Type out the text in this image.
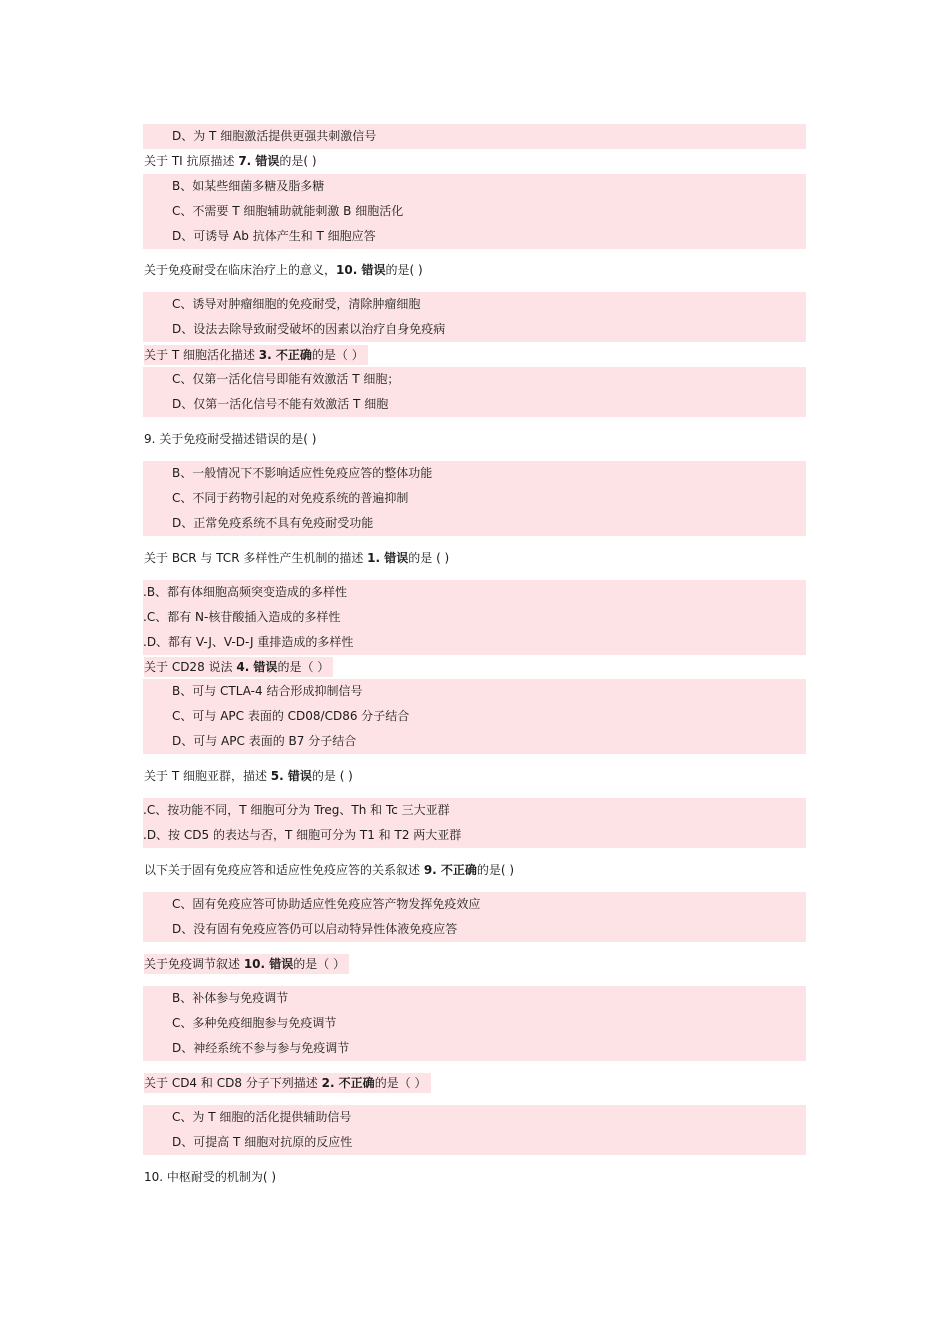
D、为 T 细胞激活提供更强共刺激信号
关于 TI 抗原描述 7. 错误的是( )
B、如某些细菌多糖及脂多糖
C、不需要 T 细胞辅助就能刺激 B 细胞活化
D、可诱导 Ab 抗体产生和 T 细胞应答
关于免疫耐受在临床治疗上的意义，10. 错误的是( )
C、诱导对肿瘤细胞的免疫耐受，清除肿瘤细胞
D、设法去除导致耐受破坏的因素以治疗自身免疫病
关于 T 细胞活化描述 3. 不正确的是（ ）
C、仅第一活化信号即能有效激活 T 细胞；
D、仅第一活化信号不能有效激活 T 细胞
9. 关于免疫耐受描述错误的是( )
B、一般情况下不影响适应性免疫应答的整体功能
C、不同于药物引起的对免疫系统的普遍抑制
D、正常免疫系统不具有免疫耐受功能
关于 BCR 与 TCR 多样性产生机制的描述 1. 错误的是 ( )
.B、都有体细胞高频突变造成的多样性
.C、都有 N-核苷酸插入造成的多样性
.D、都有 V-J、V-D-J 重排造成的多样性
关于 CD28 说法 4. 错误的是（ ）
B、可与 CTLA-4 结合形成抑制信号
C、可与 APC 表面的 CD08/CD86 分子结合
D、可与 APC 表面的 B7 分子结合
关于 T 细胞亚群，描述 5. 错误的是 ( )
.C、按功能不同，T 细胞可分为 Treg、Th 和 Tc 三大亚群
.D、按 CD5 的表达与否，T 细胞可分为 T1 和 T2 两大亚群
以下关于固有免疫应答和适应性免疫应答的关系叙述 9. 不正确的是( )
C、固有免疫应答可协助适应性免疫应答产物发挥免疫效应
D、没有固有免疫应答仍可以启动特异性体液免疫应答
关于免疫调节叙述 10. 错误的是（ ）
B、补体参与免疫调节
C、多种免疫细胞参与免疫调节
D、神经系统不参与参与免疫调节
关于 CD4 和 CD8 分子下列描述 2. 不正确的是（ ）
C、为 T 细胞的活化提供辅助信号
D、可提高 T 细胞对抗原的反应性
10. 中枢耐受的机制为( )
